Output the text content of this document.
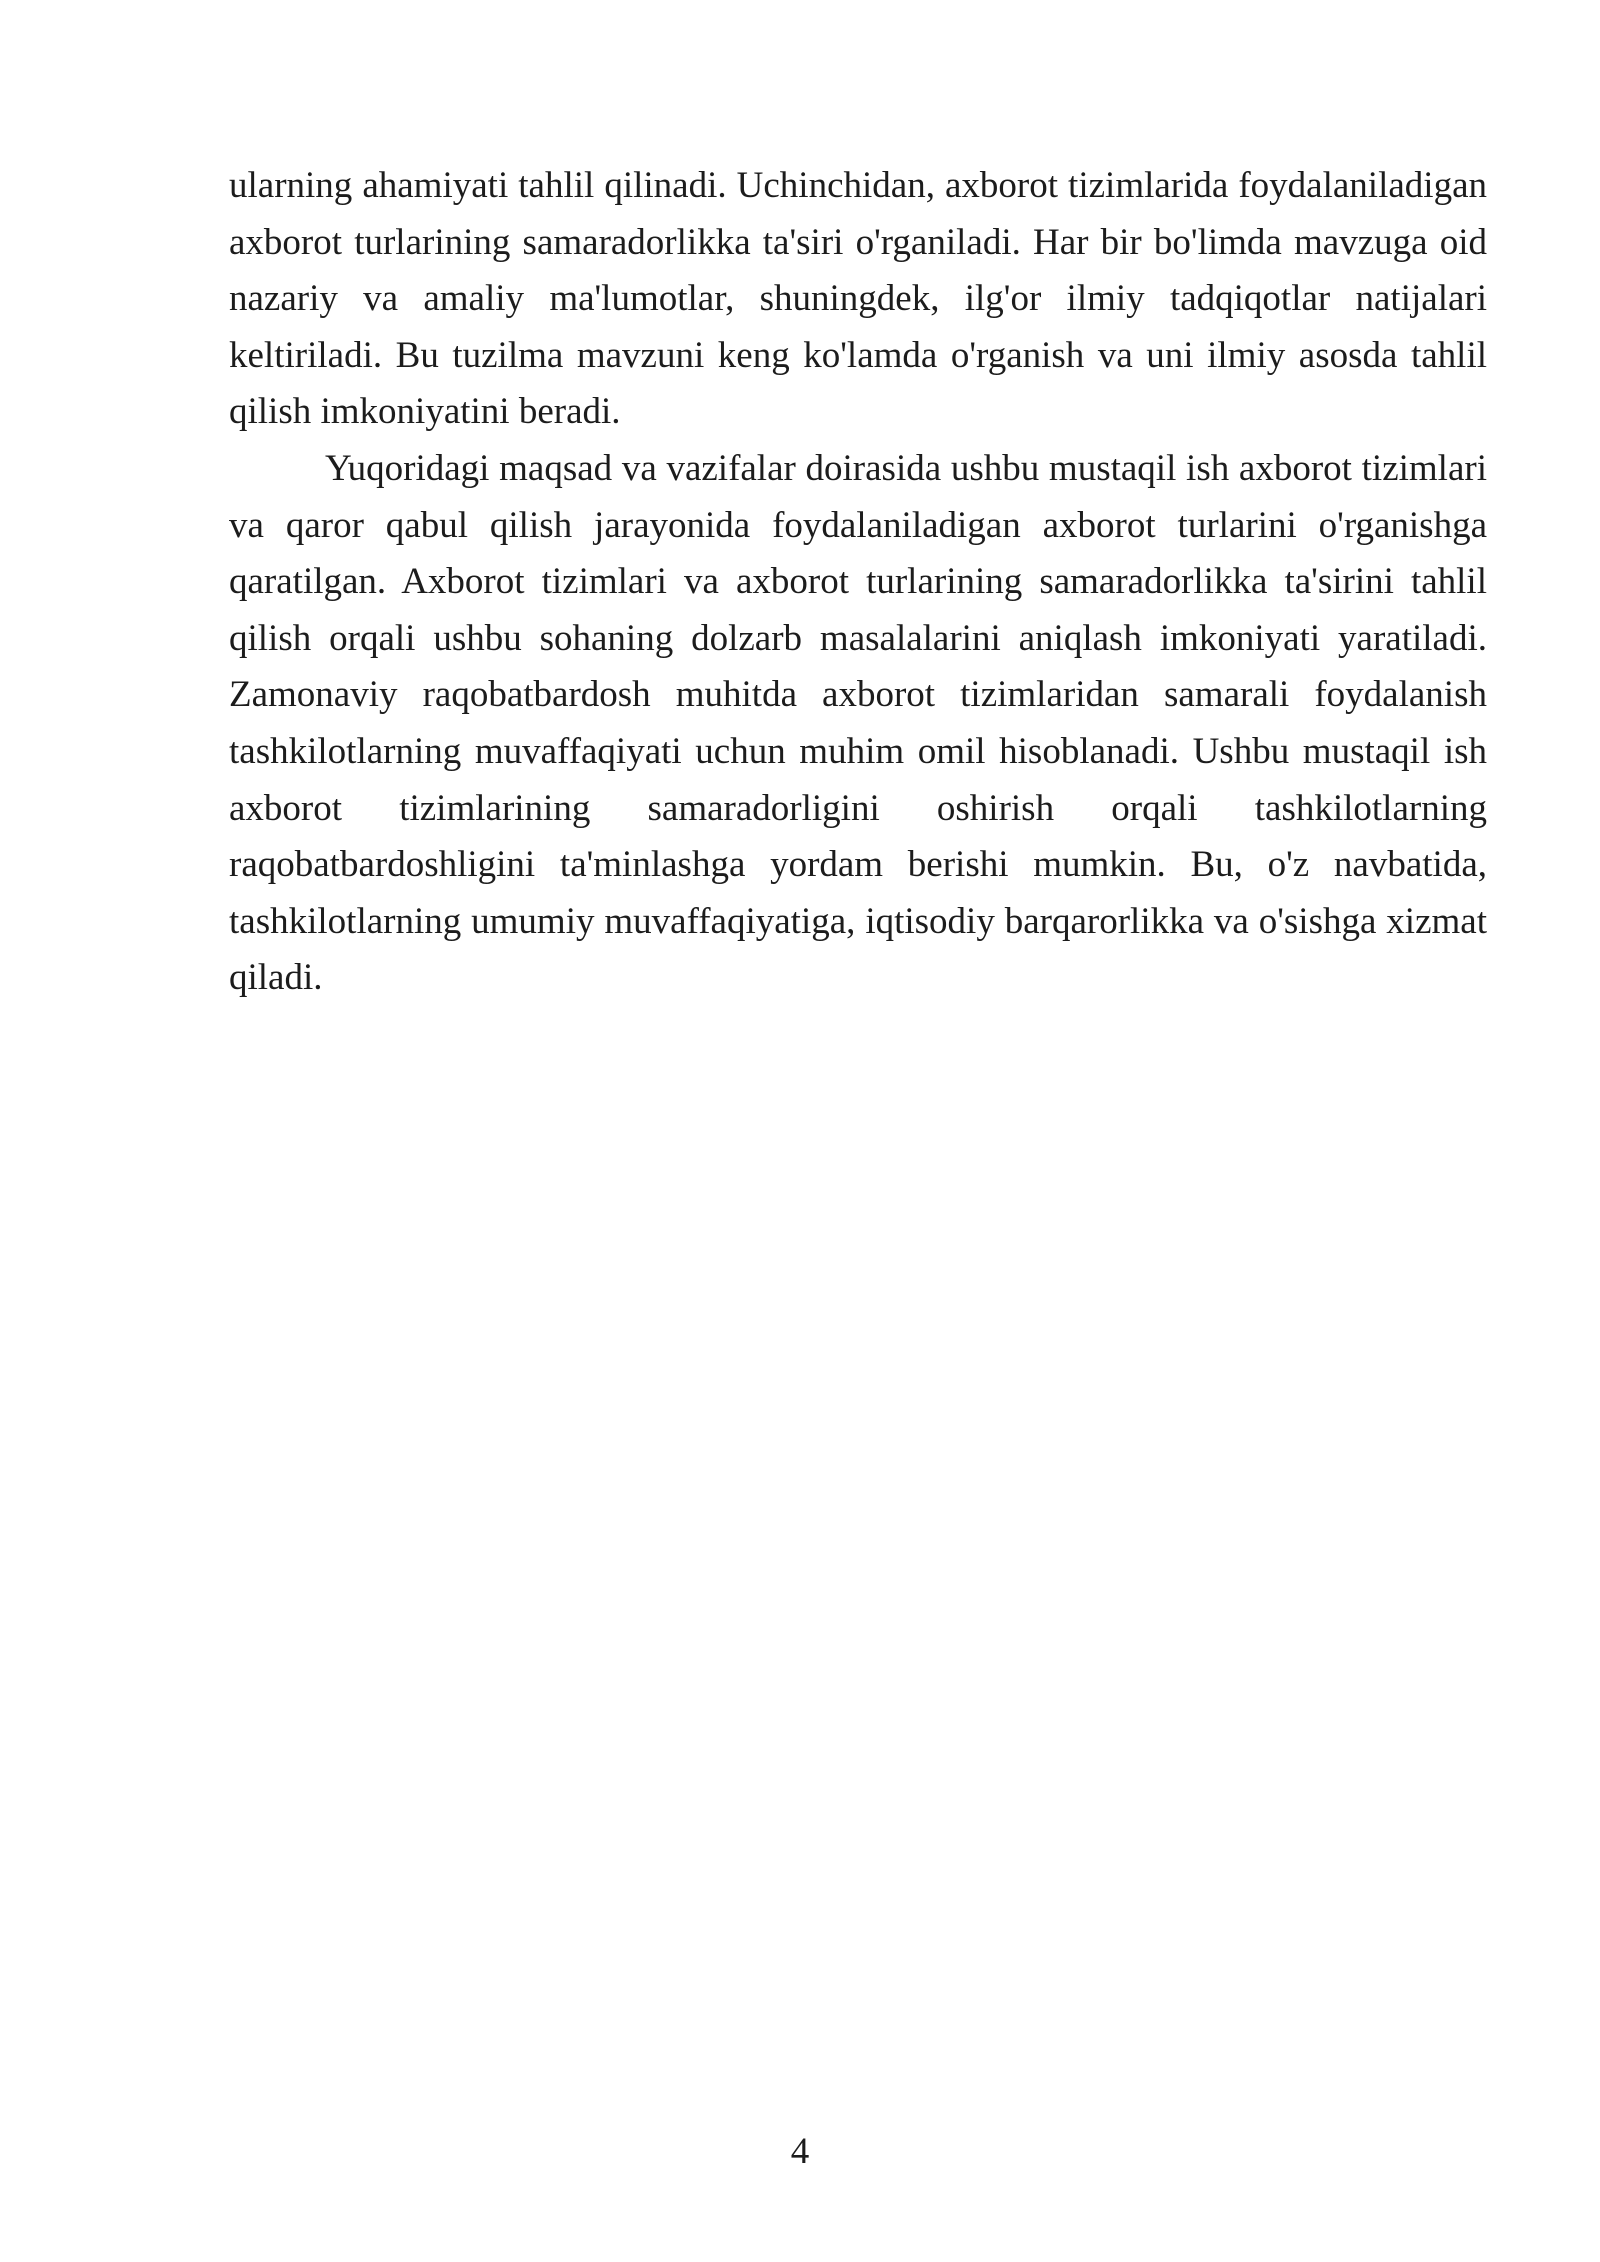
ularning ahamiyati tahlil qilinadi. Uchinchidan, axborot tizimlarida foydalaniladigan axborot turlarining samaradorlikka ta'siri o'rganiladi. Har bir bo'limda mavzuga oid nazariy va amaliy ma'lumotlar, shuningdek, ilg'or ilmiy tadqiqotlar natijalari keltiriladi. Bu tuzilma mavzuni keng ko'lamda o'rganish va uni ilmiy asosda tahlil qilish imkoniyatini beradi.

Yuqoridagi maqsad va vazifalar doirasida ushbu mustaqil ish axborot tizimlari va qaror qabul qilish jarayonida foydalaniladigan axborot turlarini o'rganishga qaratilgan. Axborot tizimlari va axborot turlarining samaradorlikka ta'sirini tahlil qilish orqali ushbu sohaning dolzarb masalalarini aniqlash imkoniyati yaratiladi. Zamonaviy raqobatbardosh muhitda axborot tizimlaridan samarali foydalanish tashkilotlarning muvaffaqiyati uchun muhim omil hisoblanadi. Ushbu mustaqil ish axborot tizimlarining samaradorligini oshirish orqali tashkilotlarning raqobatbardoshligini ta'minlashga yordam berishi mumkin. Bu, o'z navbatida, tashkilotlarning umumiy muvaffaqiyatiga, iqtisodiy barqarorlikka va o'sishga xizmat qiladi.

4
